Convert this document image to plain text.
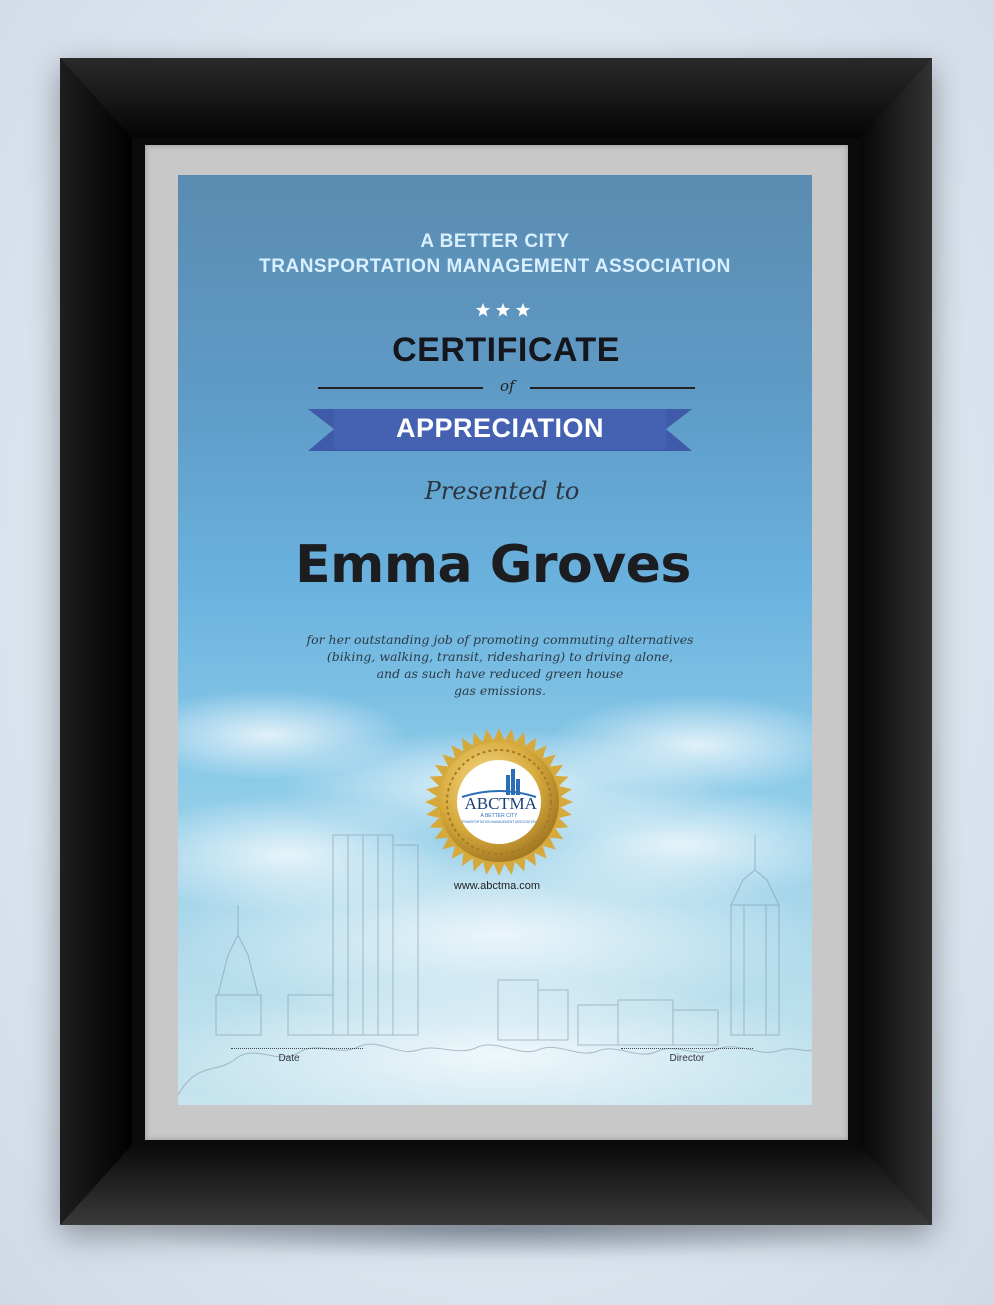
A BETTER CITY
TRANSPORTATION MANAGEMENT ASSOCIATION
CERTIFICATE
of
APPRECIATION
Presented to
Emma Groves
for her outstanding job of promoting commuting alternatives
(biking, walking, transit, ridesharing) to driving alone,
and as such have reduced green house
gas emissions.
ABC TMA
A BETTER CITY
TRANSPORTATION MANAGEMENT ASSOCIATION
www.abctma.com
Date	Director
